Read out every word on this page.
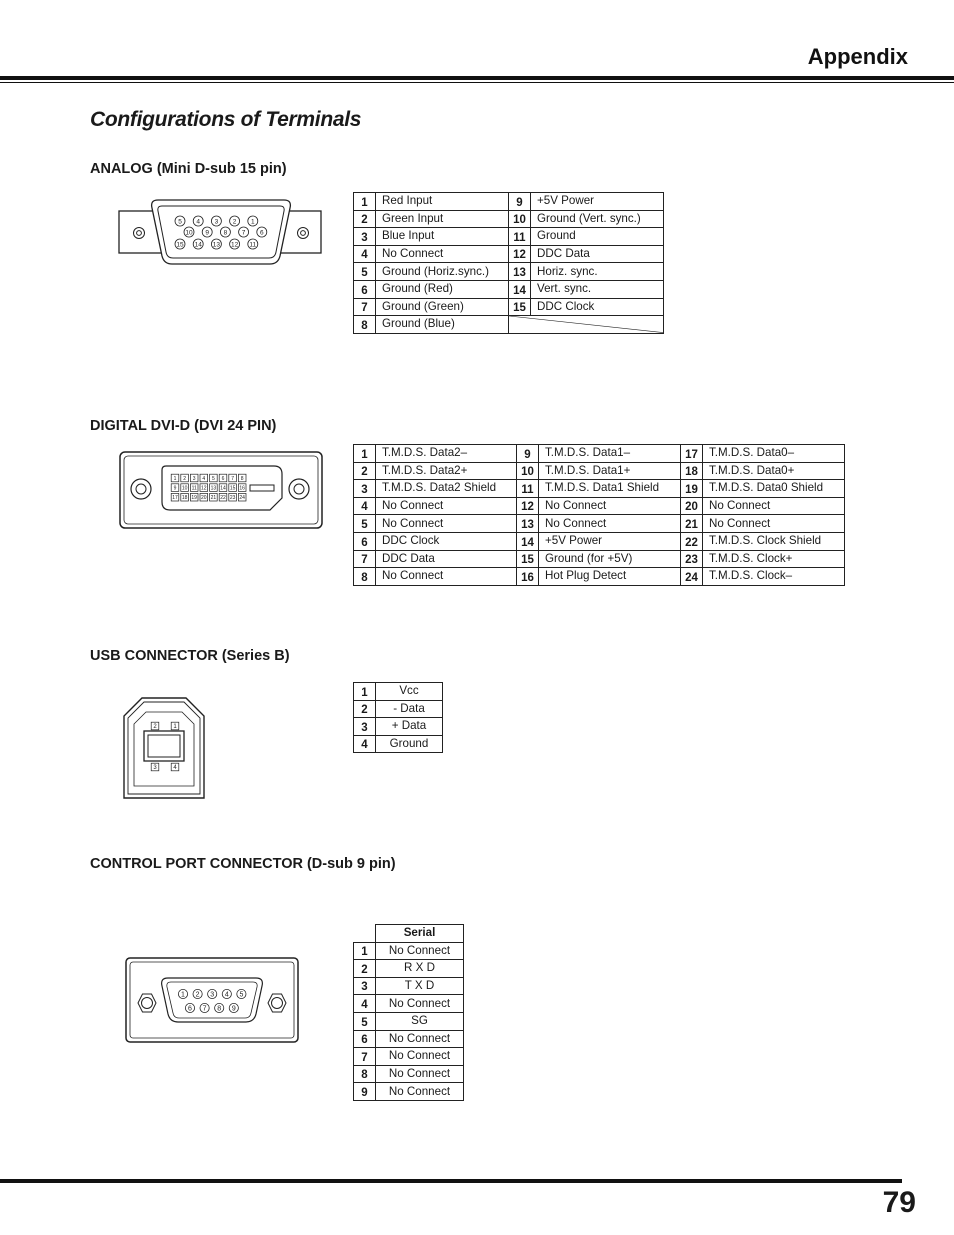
Appendix
Configurations of Terminals
ANALOG (Mini D-sub 15 pin)
5 4 3 2 1
10 9 8 7 6
15 14 13 12 11
1	Red Input	9	+5V Power
2	Green Input	10	Ground (Vert. sync.)
3	Blue Input	11	Ground
4	No Connect	12	DDC Data
5	Ground (Horiz.sync.)	13	Horiz. sync.
6	Ground (Red)	14	Vert. sync.
7	Ground (Green)	15	DDC Clock
8	Ground (Blue)	
DIGITAL DVI-D (DVI 24 PIN)
1 2 3 4 5 6 7 8
9 10 11 12 13 14 15 16
17 18 19 20 21 22 23 24
1	T.M.D.S. Data2–	9	T.M.D.S. Data1–	17	T.M.D.S. Data0–
2	T.M.D.S. Data2+	10	T.M.D.S. Data1+	18	T.M.D.S. Data0+
3	T.M.D.S. Data2 Shield	11	T.M.D.S. Data1 Shield	19	T.M.D.S. Data0 Shield
4	No Connect	12	No Connect	20	No Connect
5	No Connect	13	No Connect	21	No Connect
6	DDC Clock	14	+5V Power	22	T.M.D.S. Clock Shield
7	DDC Data	15	Ground (for +5V)	23	T.M.D.S. Clock+
8	No Connect	16	Hot Plug Detect	24	T.M.D.S. Clock–
USB CONNECTOR (Series B)
2	1
3	4
1	Vcc
2	- Data
3	+ Data
4	Ground
CONTROL PORT CONNECTOR (D-sub 9 pin)
1 2 3 4 5
6 7 8 9
	Serial
1	No Connect
2	R X D
3	T X D
4	No Connect
5	SG
6	No Connect
7	No Connect
8	No Connect
9	No Connect
79
